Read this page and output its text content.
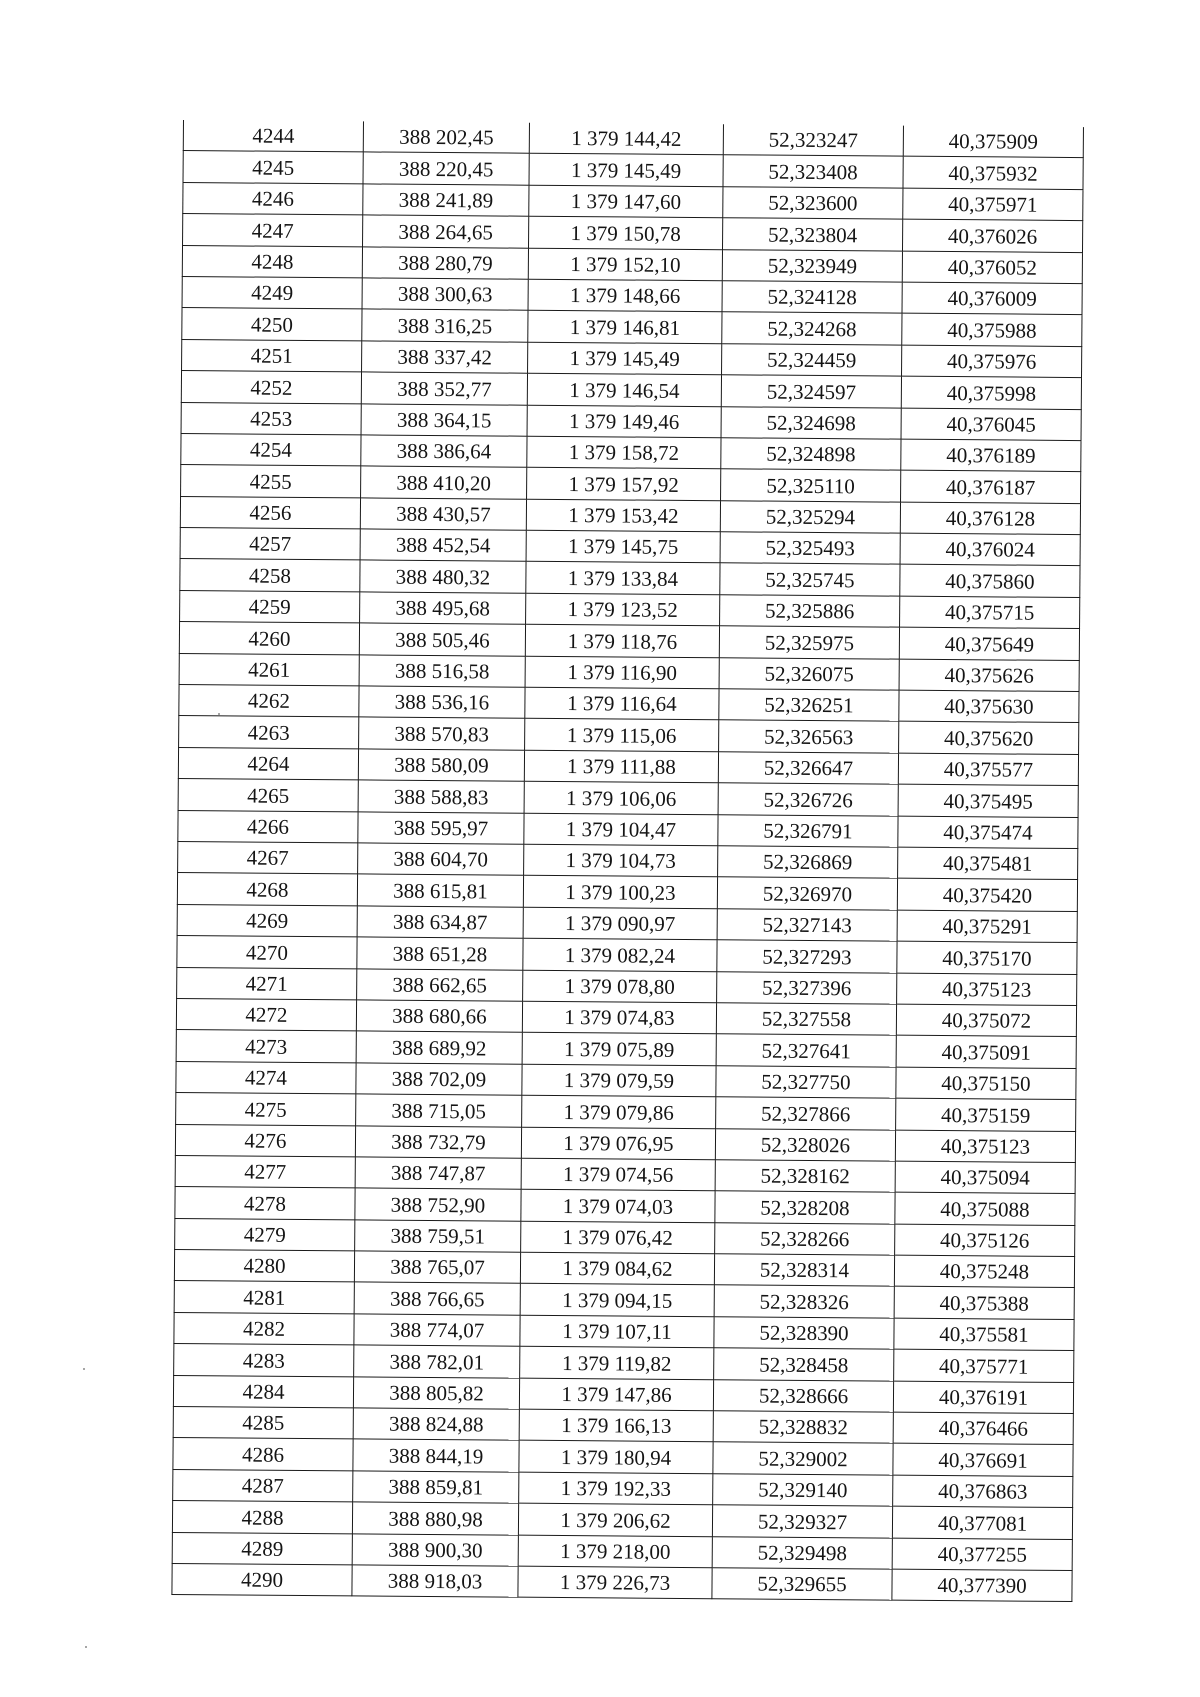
4244	388 202,45	1 379 144,42	52,323247	40,375909
4245	388 220,45	1 379 145,49	52,323408	40,375932
4246	388 241,89	1 379 147,60	52,323600	40,375971
4247	388 264,65	1 379 150,78	52,323804	40,376026
4248	388 280,79	1 379 152,10	52,323949	40,376052
4249	388 300,63	1 379 148,66	52,324128	40,376009
4250	388 316,25	1 379 146,81	52,324268	40,375988
4251	388 337,42	1 379 145,49	52,324459	40,375976
4252	388 352,77	1 379 146,54	52,324597	40,375998
4253	388 364,15	1 379 149,46	52,324698	40,376045
4254	388 386,64	1 379 158,72	52,324898	40,376189
4255	388 410,20	1 379 157,92	52,325110	40,376187
4256	388 430,57	1 379 153,42	52,325294	40,376128
4257	388 452,54	1 379 145,75	52,325493	40,376024
4258	388 480,32	1 379 133,84	52,325745	40,375860
4259	388 495,68	1 379 123,52	52,325886	40,375715
4260	388 505,46	1 379 118,76	52,325975	40,375649
4261	388 516,58	1 379 116,90	52,326075	40,375626
4262	388 536,16	1 379 116,64	52,326251	40,375630
4263	388 570,83	1 379 115,06	52,326563	40,375620
4264	388 580,09	1 379 111,88	52,326647	40,375577
4265	388 588,83	1 379 106,06	52,326726	40,375495
4266	388 595,97	1 379 104,47	52,326791	40,375474
4267	388 604,70	1 379 104,73	52,326869	40,375481
4268	388 615,81	1 379 100,23	52,326970	40,375420
4269	388 634,87	1 379 090,97	52,327143	40,375291
4270	388 651,28	1 379 082,24	52,327293	40,375170
4271	388 662,65	1 379 078,80	52,327396	40,375123
4272	388 680,66	1 379 074,83	52,327558	40,375072
4273	388 689,92	1 379 075,89	52,327641	40,375091
4274	388 702,09	1 379 079,59	52,327750	40,375150
4275	388 715,05	1 379 079,86	52,327866	40,375159
4276	388 732,79	1 379 076,95	52,328026	40,375123
4277	388 747,87	1 379 074,56	52,328162	40,375094
4278	388 752,90	1 379 074,03	52,328208	40,375088
4279	388 759,51	1 379 076,42	52,328266	40,375126
4280	388 765,07	1 379 084,62	52,328314	40,375248
4281	388 766,65	1 379 094,15	52,328326	40,375388
4282	388 774,07	1 379 107,11	52,328390	40,375581
4283	388 782,01	1 379 119,82	52,328458	40,375771
4284	388 805,82	1 379 147,86	52,328666	40,376191
4285	388 824,88	1 379 166,13	52,328832	40,376466
4286	388 844,19	1 379 180,94	52,329002	40,376691
4287	388 859,81	1 379 192,33	52,329140	40,376863
4288	388 880,98	1 379 206,62	52,329327	40,377081
4289	388 900,30	1 379 218,00	52,329498	40,377255
4290	388 918,03	1 379 226,73	52,329655	40,377390
